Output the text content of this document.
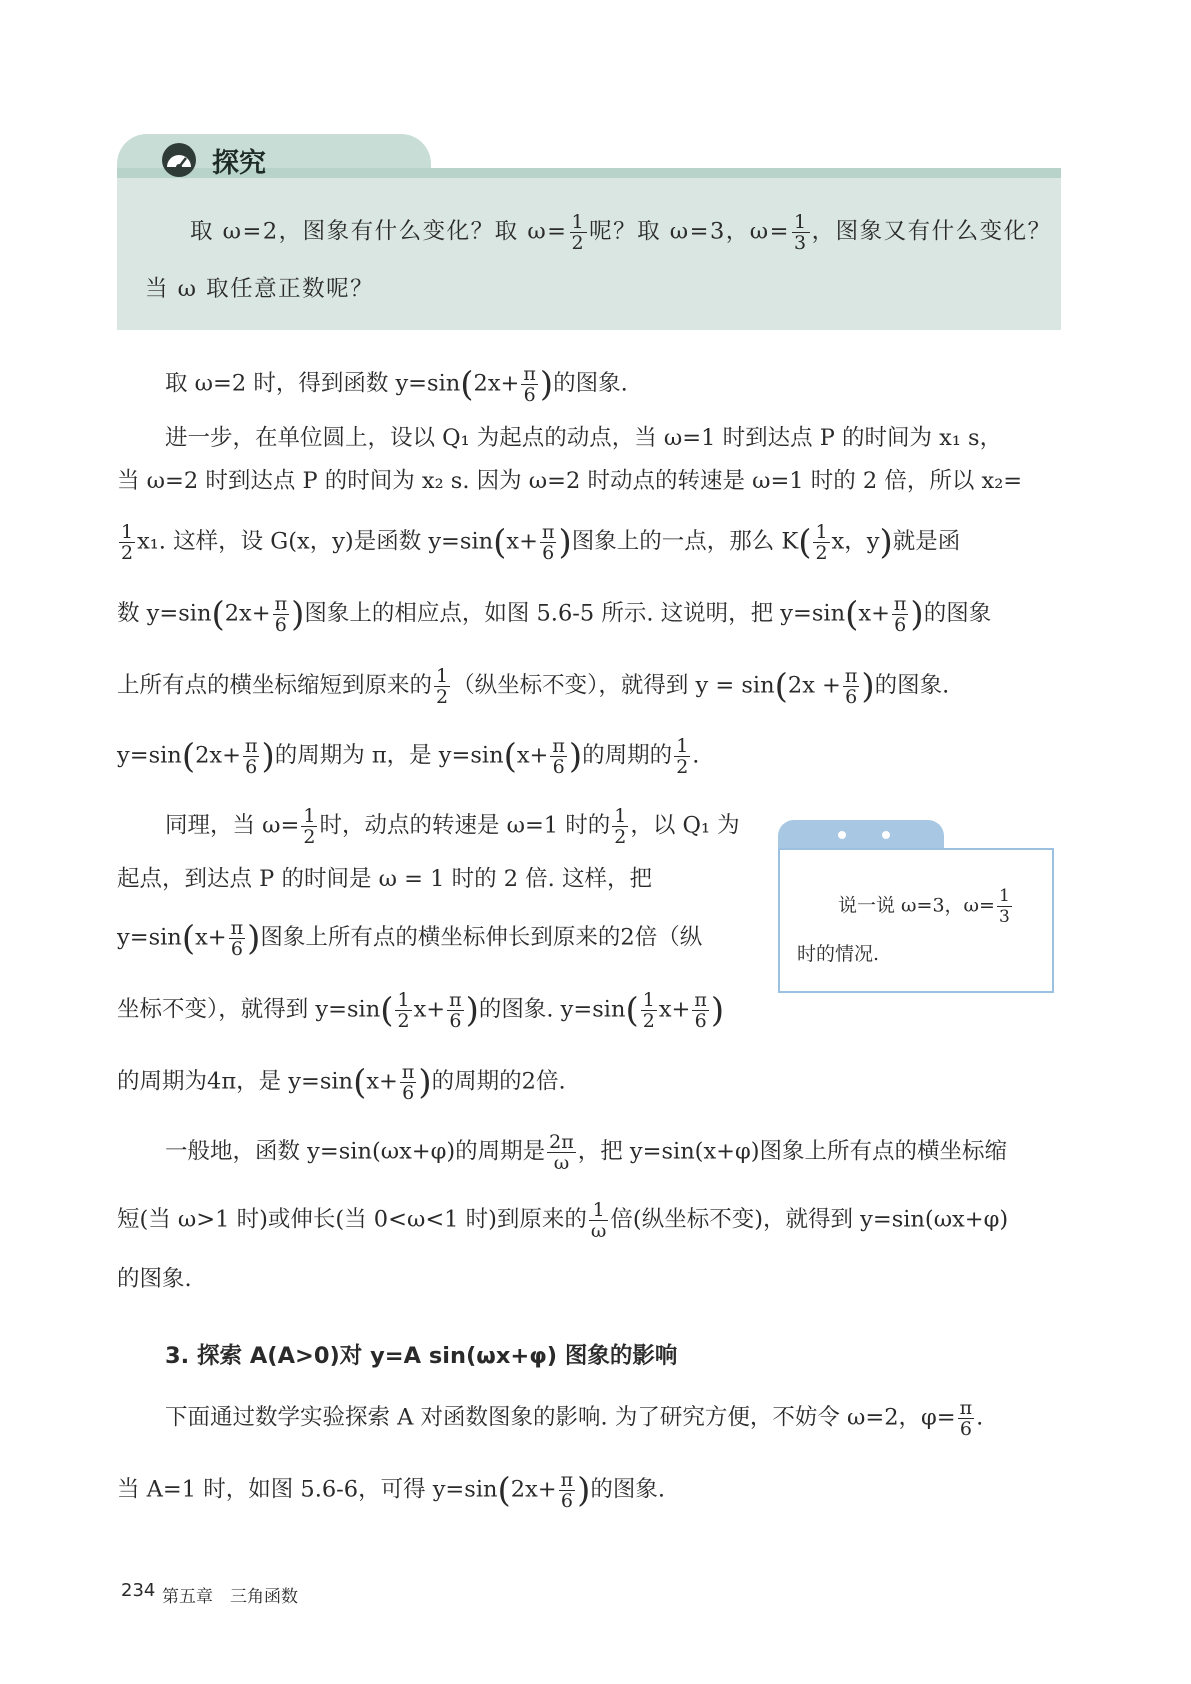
探究
取 ω=2，图象有什么变化？取 $\omega= \frac{1}{2}$ 呢？取 ω=3，$\omega= \frac{1}{3}$ ，图象又有什么变化？
当 ω 取任意正数呢？
取 ω=2 时，得到函数 $y=\sin(2x+ \frac{\pi}{6}$ )的图象.
进一步，在单位圆上，设以 Q₁ 为起点的动点，当 ω=1 时到达点 P 的时间为 x₁ s，
当 ω=2 时到达点 P 的时间为 x₂ s. 因为 ω=2 时动点的转速是 ω=1 时的 2 倍，所以 x₂=
$\frac{1}{2} x_1$. 这样，设 G(x，y)是函数 $y=\sin(x+ \frac{\pi}{6}$ )图象上的一点，那么 $K( \frac{1}{2}$ x，y)就是函
数 $y=\sin(2x+ \frac{\pi}{6}$ )图象上的相应点，如图 5.6-5 所示. 这说明，把 $y=\sin(x+ \frac{\pi}{6}$ )的图象
上所有点的横坐标缩短到原来的 $\frac{1}{2}$ （纵坐标不变），就得到 $y = \sin(2x + \frac{\pi}{6}$ )的图象.
$y=\sin(2x+ \frac{\pi}{6}$ )的周期为 π，是 $y=\sin(x+ \frac{\pi}{6}$ )的周期的 $\frac{1}{2}$ .
同理，当 $\omega= \frac{1}{2}$ 时，动点的转速是 ω=1 时的 $\frac{1}{2}$ ，以 Q₁ 为
起点，到达点 P 的时间是 ω = 1 时的 2 倍. 这样，把
$y=\sin(x+ \frac{\pi}{6}$ )图象上所有点的横坐标伸长到原来的2倍（纵
坐标不变），就得到 $y=\sin( \frac{1}{2} x+ \frac{\pi}{6}$ )的图象. $y=\sin( \frac{1}{2} x+ \frac{\pi}{6}$ )
的周期为4π，是 $y=\sin(x+ \frac{\pi}{6}$ )的周期的2倍.
说一说 ω=3，$\omega= \frac{1}{3}$
时的情况.
一般地，函数 y=sin(ωx+φ)的周期是 $\frac{2\pi}{\omega}$ ，把 y=sin(x+φ)图象上所有点的横坐标缩
短(当 ω>1 时)或伸长(当 0<ω<1 时)到原来的 $\frac{1}{\omega}$ 倍(纵坐标不变)，就得到 y=sin(ωx+φ)
的图象.
3. 探索 A(A>0)对 y=A sin(ωx+φ) 图象的影响
下面通过数学实验探索 A 对函数图象的影响. 为了研究方便，不妨令 ω=2，$\varphi= \frac{\pi}{6}$ .
当 A=1 时，如图 5.6-6，可得 $y=\sin(2x+ \frac{\pi}{6}$ )的图象.
234 第五章　三角函数
